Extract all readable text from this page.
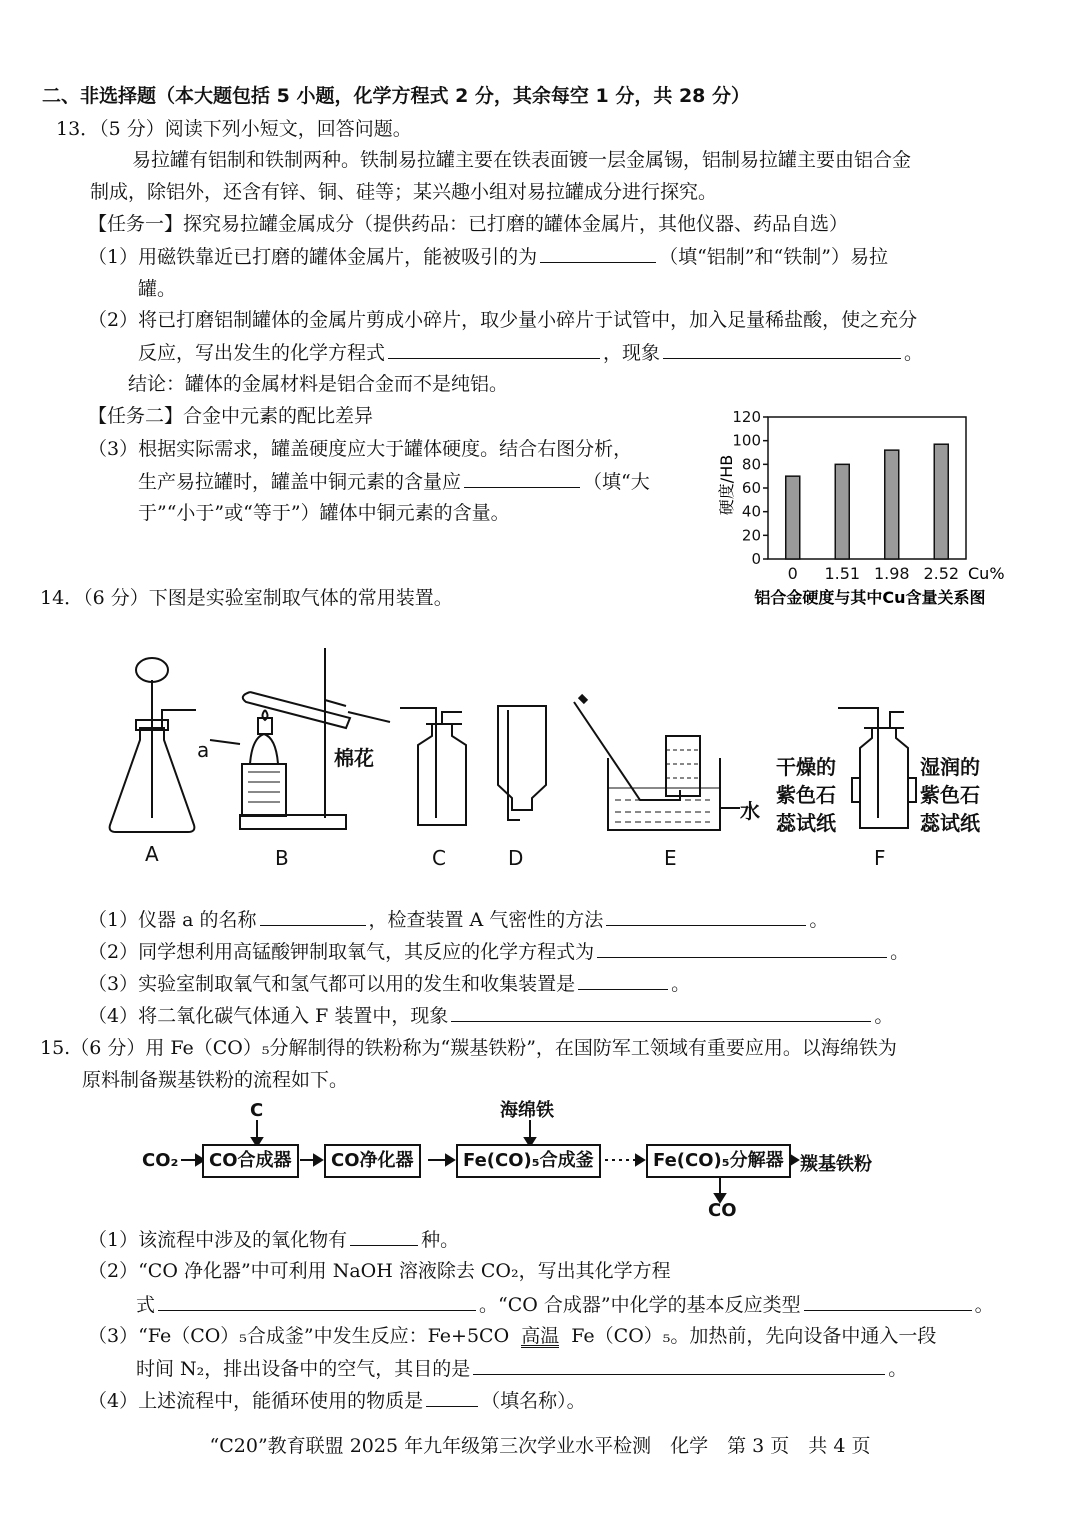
二、非选择题（本大题包括 5 小题，化学方程式 2 分，其余每空 1 分，共 28 分）
13．（5 分）阅读下列小短文，回答问题。
易拉罐有铝制和铁制两种。铁制易拉罐主要在铁表面镀一层金属锡，铝制易拉罐主要由铝合金
制成，除铝外，还含有锌、铜、硅等；某兴趣小组对易拉罐成分进行探究。
【任务一】探究易拉罐金属成分（提供药品：已打磨的罐体金属片，其他仪器、药品自选）
（1）用磁铁靠近已打磨的罐体金属片，能被吸引的为	（填“铝制”和“铁制”）易拉
罐。
（2）将已打磨铝制罐体的金属片剪成小碎片，取少量小碎片于试管中，加入足量稀盐酸，使之充分
反应，写出发生的化学方程式	，现象	。
结论：罐体的金属材料是铝合金而不是纯铝。
【任务二】合金中元素的配比差异
（3）根据实际需求，罐盖硬度应大于罐体硬度。结合右图分析，
生产易拉罐时，罐盖中铜元素的含量应	（填“大
于”“小于”或“等于”）罐体中铜元素的含量。	硬度/HB
0
20
40
60
80
100
120
0 1.51 1.98 2.52 Cu%
铝合金硬度与其中Cu含量关系图
14．（6 分）下图是实验室制取气体的常用装置。
a	棉花
水
干燥的
紫色石
蕊试纸
湿润的
紫色石
蕊试纸
A	B	C	D	E	F
（1）仪器 a 的名称	，检查装置 A 气密性的方法	。
（2）同学想利用高锰酸钾制取氧气，其反应的化学方程式为	。
（3）实验室制取氧气和氢气都可以用的发生和收集装置是	。
（4）将二氧化碳气体通入 F 装置中，现象	。
15.（6 分）用 Fe（CO）₅分解制得的铁粉称为“羰基铁粉”，在国防军工领域有重要应用。以海绵铁为
原料制备羰基铁粉的流程如下。
CO₂
C	海绵铁
CO合成器	CO净化器	Fe(CO)₅合成釜	Fe(CO)₅分解器 羰基铁粉
CO
（1）该流程中涉及的氧化物有	种。
（2）“CO 净化器”中可利用 NaOH 溶液除去 CO₂，写出其化学方程
式	。“CO 合成器”中化学的基本反应类型	。
（3）“Fe（CO）₅合成釜”中发生反应：Fe+5CO 高温 Fe（CO）₅。加热前，先向设备中通入一段
时间 N₂，排出设备中的空气，其目的是	。
（4）上述流程中，能循环使用的物质是	（填名称）。
“C20”教育联盟 2025 年九年级第三次学业水平检测　化学　第 3 页　共 4 页
